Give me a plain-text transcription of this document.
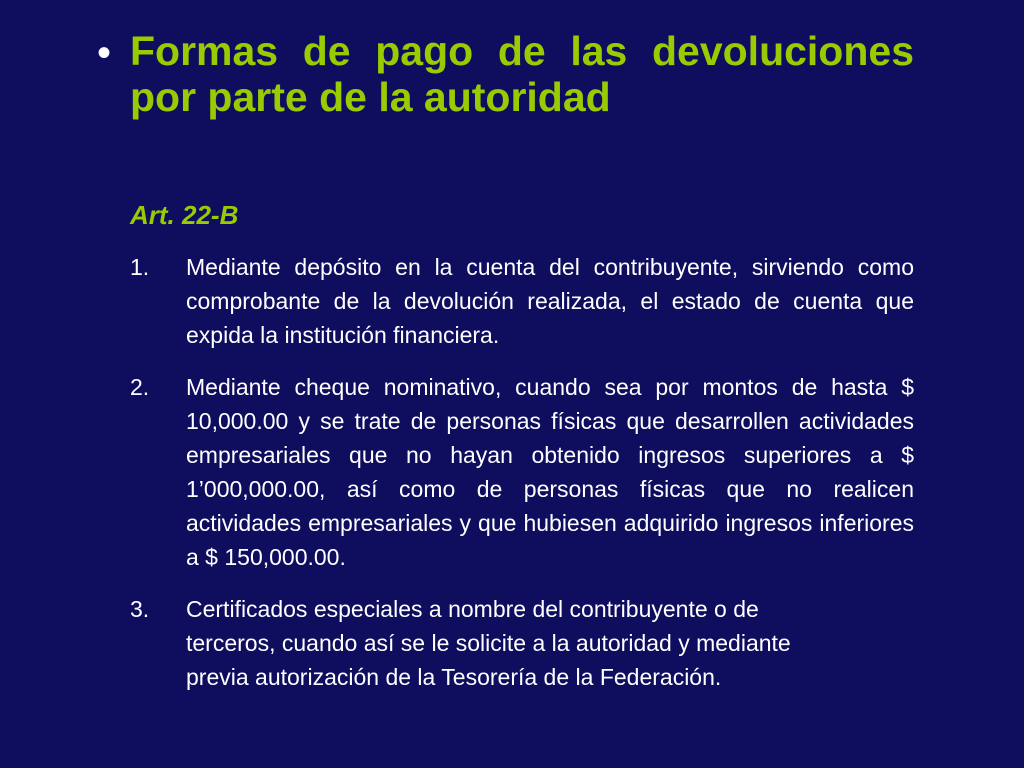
• Formas de pago de las devoluciones por parte de la autoridad
Art. 22-B
1. Mediante depósito en la cuenta del contribuyente, sirviendo como comprobante de la devolución realizada, el estado de cuenta que expida la institución financiera.
2. Mediante cheque nominativo, cuando sea por montos de hasta $ 10,000.00 y se trate de personas físicas que desarrollen actividades empresariales que no hayan obtenido ingresos superiores a $ 1’000,000.00, así como de personas físicas que no realicen actividades empresariales y que hubiesen adquirido ingresos inferiores a $ 150,000.00.
3. Certificados especiales a nombre del contribuyente o de terceros, cuando así se le solicite a la autoridad y mediante previa autorización de la Tesorería de la Federación.
